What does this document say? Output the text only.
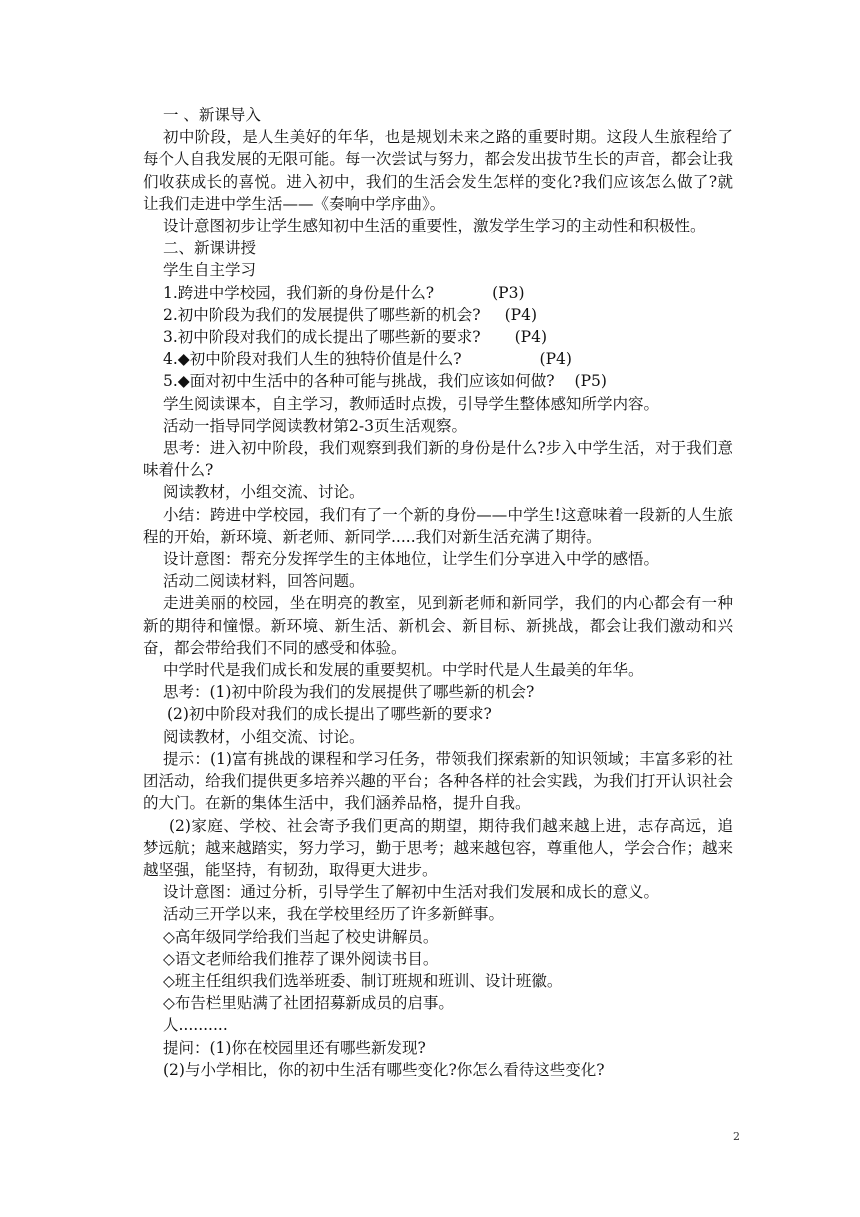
一 、新课导入

初中阶段，是人生美好的年华，也是规划未来之路的重要时期。这段人生旅程给了每个人自我发展的无限可能。每一次尝试与努力，都会发出拔节生长的声音，都会让我们收获成长的喜悦。进入初中，我们的生活会发生怎样的变化?我们应该怎么做了?就让我们走进中学生活——《奏响中学序曲》。

设计意图初步让学生感知初中生活的重要性，激发学生学习的主动性和积极性。

二、新课讲授

学生自主学习

1.跨进中学校园，我们新的身份是什么?	(P3)
2.初中阶段为我们的发展提供了哪些新的机会? (P4)
3.初中阶段对我们的成长提出了哪些新的要求? (P4)
4.◆初中阶段对我们人生的独特价值是什么?	(P4)
5.◆面对初中生活中的各种可能与挑战，我们应该如何做? (P5)

学生阅读课本，自主学习，教师适时点拨，引导学生整体感知所学内容。

活动一指导同学阅读教材第2-3页生活观察。

思考：进入初中阶段，我们观察到我们新的身份是什么?步入中学生活，对于我们意味着什么?

阅读教材，小组交流、讨论。

小结：跨进中学校园，我们有了一个新的身份——中学生!这意味着一段新的人生旅程的开始，新环境、新老师、新同学.....我们对新生活充满了期待。

设计意图：帮充分发挥学生的主体地位，让学生们分享进入中学的感悟。

活动二阅读材料，回答问题。

走进美丽的校园，坐在明亮的教室，见到新老师和新同学，我们的内心都会有一种新的期待和憧憬。新环境、新生活、新机会、新目标、新挑战，都会让我们激动和兴奋，都会带给我们不同的感受和体验。

中学时代是我们成长和发展的重要契机。中学时代是人生最美的年华。

思考：(1)初中阶段为我们的发展提供了哪些新的机会?

(2)初中阶段对我们的成长提出了哪些新的要求?

阅读教材，小组交流、讨论。

提示：(1)富有挑战的课程和学习任务，带领我们探索新的知识领域；丰富多彩的社团活动，给我们提供更多培养兴趣的平台；各种各样的社会实践，为我们打开认识社会的大门。在新的集体生活中，我们涵养品格，提升自我。

(2)家庭、学校、社会寄予我们更高的期望，期待我们越来越上进，志存高远，追梦远航；越来越踏实，努力学习，勤于思考；越来越包容，尊重他人，学会合作；越来越坚强，能坚持，有韧劲，取得更大进步。

设计意图：通过分析，引导学生了解初中生活对我们发展和成长的意义。

活动三开学以来，我在学校里经历了许多新鲜事。

◇高年级同学给我们当起了校史讲解员。

◇语文老师给我们推荐了课外阅读书目。

◇班主任组织我们选举班委、制订班规和班训、设计班徽。

◇布告栏里贴满了社团招募新成员的启事。

人..........

提问：(1)你在校园里还有哪些新发现?

(2)与小学相比，你的初中生活有哪些变化?你怎么看待这些变化?

2
